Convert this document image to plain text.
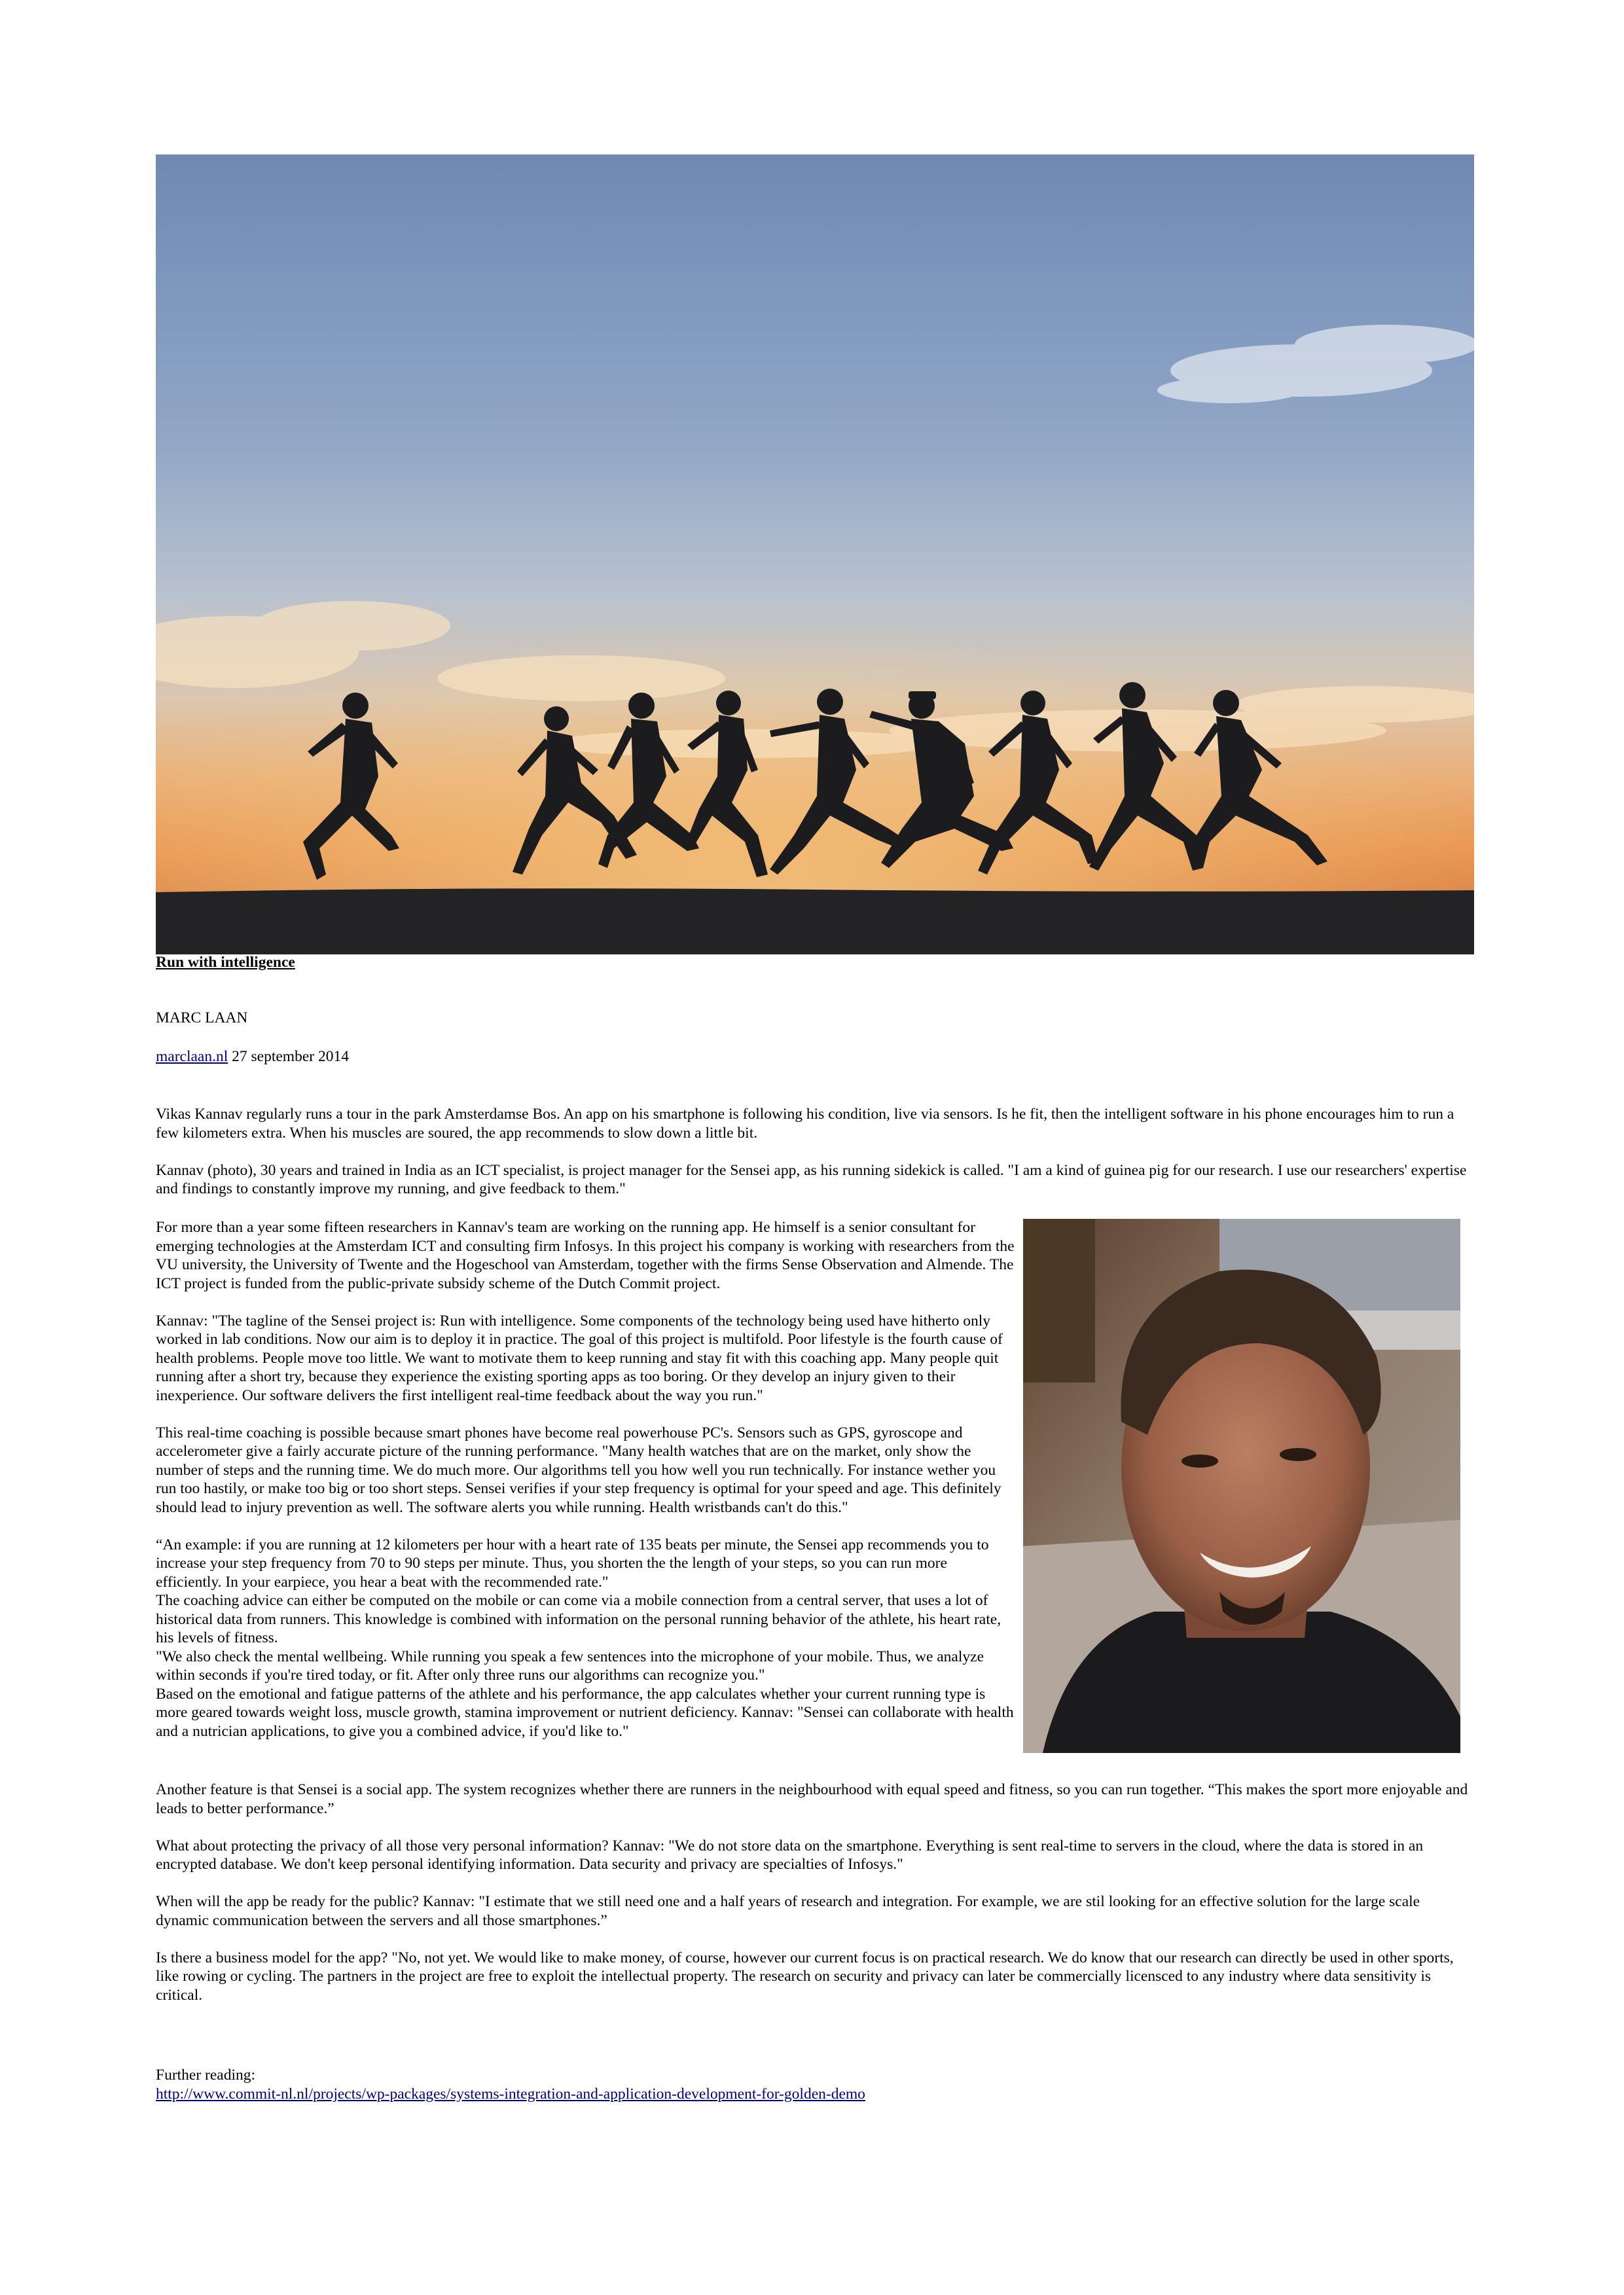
Run with intelligence
MARC LAAN
marclaan.nl 27 september 2014

Vikas Kannav regularly runs a tour in the park Amsterdamse Bos. An app on his smartphone is following his condition, live via sensors. Is he fit, then the intelligent software in his phone encourages him to run a few kilometers extra. When his muscles are soured, the app recommends to slow down a little bit.

Kannav (photo), 30 years and trained in India as an ICT specialist, is project manager for the Sensei app, as his running sidekick is called. "I am a kind of guinea pig for our research. I use our researchers' expertise and findings to constantly improve my running, and give feedback to them."

For more than a year some fifteen researchers in Kannav's team are working on the running app. He himself is a senior consultant for emerging technologies at the Amsterdam ICT and consulting firm Infosys. In this project his company is working with researchers from the VU university, the University of Twente and the Hogeschool van Amsterdam, together with the firms Sense Observation and Almende. The ICT project is funded from the public-private subsidy scheme of the Dutch Commit project.

Kannav: "The tagline of the Sensei project is: Run with intelligence. Some components of the technology being used have hitherto only worked in lab conditions. Now our aim is to deploy it in practice. The goal of this project is multifold. Poor lifestyle is the fourth cause of health problems. People move too little. We want to motivate them to keep running and stay fit with this coaching app. Many people quit running after a short try, because they experience the existing sporting apps as too boring. Or they develop an injury given to their inexperience. Our software delivers the first intelligent real-time feedback about the way you run."

This real-time coaching is possible because smart phones have become real powerhouse PC's. Sensors such as GPS, gyroscope and accelerometer give a fairly accurate picture of the running performance. "Many health watches that are on the market, only show the number of steps and the running time. We do much more. Our algorithms tell you how well you run technically. For instance wether you run too hastily, or make too big or too short steps. Sensei verifies if your step frequency is optimal for your speed and age. This definitely should lead to injury prevention as well. The software alerts you while running. Health wristbands can't do this."

“An example: if you are running at 12 kilometers per hour with a heart rate of 135 beats per minute, the Sensei app recommends you to increase your step frequency from 70 to 90 steps per minute. Thus, you shorten the the length of your steps, so you can run more efficiently. In your earpiece, you hear a beat with the recommended rate."

The coaching advice can either be computed on the mobile or can come via a mobile connection from a central server, that uses a lot of historical data from runners. This knowledge is combined with information on the personal running behavior of the athlete, his heart rate, his levels of fitness.

"We also check the mental wellbeing. While running you speak a few sentences into the microphone of your mobile. Thus, we analyze within seconds if you're tired today, or fit. After only three runs our algorithms can recognize you."

Based on the emotional and fatigue patterns of the athlete and his performance, the app calculates whether your current running type is more geared towards weight loss, muscle growth, stamina improvement or nutrient deficiency. Kannav: "Sensei can collaborate with health and a nutrician applications, to give you a combined advice, if you'd like to."

Another feature is that Sensei is a social app. The system recognizes whether there are runners in the neighbourhood with equal speed and fitness, so you can run together. “This makes the sport more enjoyable and leads to better performance.”

What about protecting the privacy of all those very personal information? Kannav: "We do not store data on the smartphone. Everything is sent real-time to servers in the cloud, where the data is stored in an encrypted database. We don't keep personal identifying information. Data security and privacy are specialties of Infosys."

When will the app be ready for the public? Kannav: "I estimate that we still need one and a half years of research and integration. For example, we are stil looking for an effective solution for the large scale dynamic communication between the servers and all those smartphones.”

Is there a business model for the app? "No, not yet. We would like to make money, of course, however our current focus is on practical research. We do know that our research can directly be used in other sports, like rowing or cycling. The partners in the project are free to exploit the intellectual property. The research on security and privacy can later be commercially licensced to any industry where data sensitivity is critical.

Further reading:
http://www.commit-nl.nl/projects/wp-packages/systems-integration-and-application-development-for-golden-demo
